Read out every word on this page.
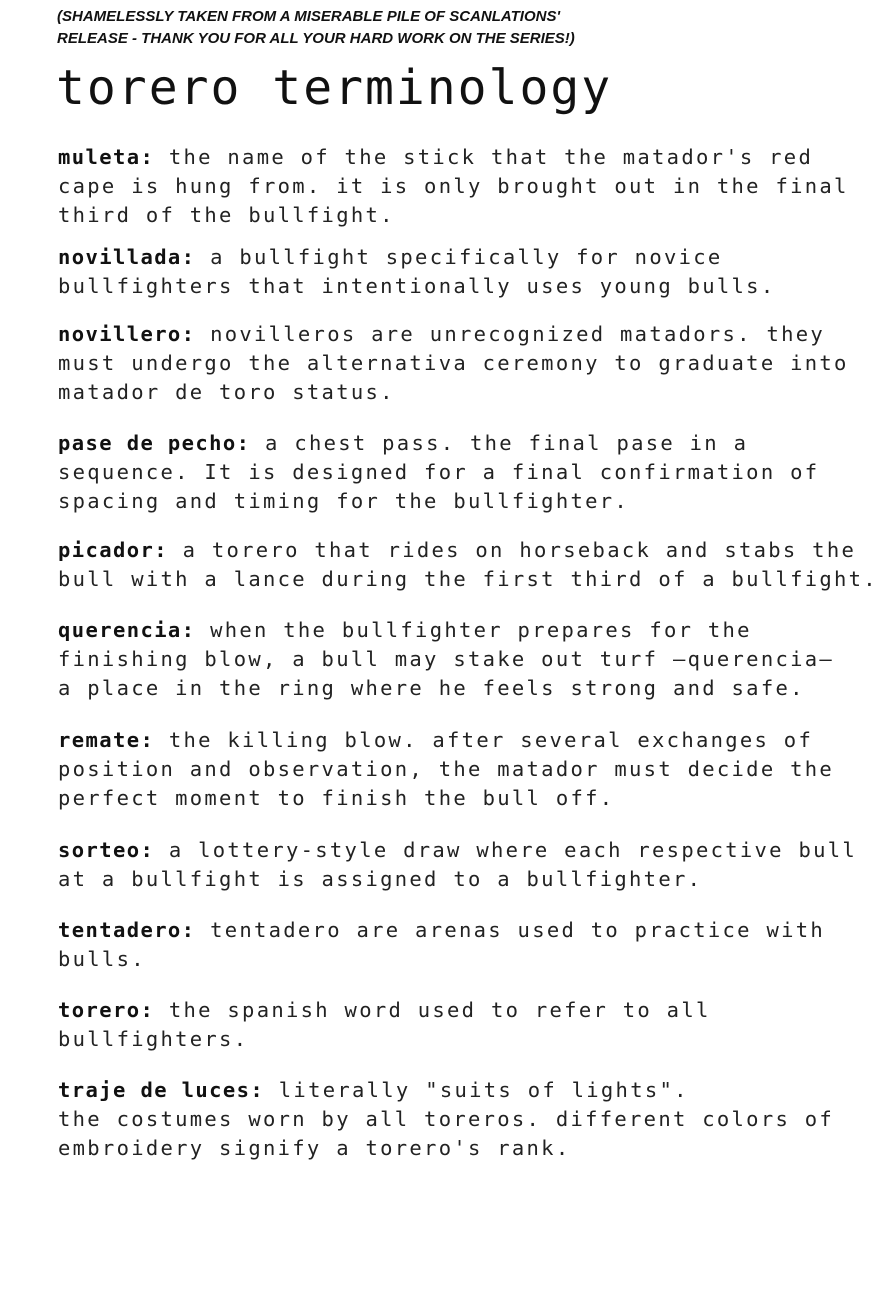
(SHAMELESSLY TAKEN FROM A MISERABLE PILE OF SCANLATIONS'
RELEASE - THANK YOU FOR ALL YOUR HARD WORK ON THE SERIES!)
torero terminology
muleta: the name of the stick that the matador's red
cape is hung from. it is only brought out in the final
third of the bullfight.
novillada: a bullfight specifically for novice
bullfighters that intentionally uses young bulls.
novillero: novilleros are unrecognized matadors. they
must undergo the alternativa ceremony to graduate into
matador de toro status.
pase de pecho: a chest pass. the final pase in a
sequence. It is designed for a final confirmation of
spacing and timing for the bullfighter.
picador: a torero that rides on horseback and stabs the
bull with a lance during the first third of a bullfight.
querencia: when the bullfighter prepares for the
finishing blow, a bull may stake out turf —querencia—
a place in the ring where he feels strong and safe.
remate: the killing blow. after several exchanges of
position and observation, the matador must decide the
perfect moment to finish the bull off.
sorteo: a lottery-style draw where each respective bull
at a bullfight is assigned to a bullfighter.
tentadero: tentadero are arenas used to practice with
bulls.
torero: the spanish word used to refer to all
bullfighters.
traje de luces: literally "suits of lights".
the costumes worn by all toreros. different colors of
embroidery signify a torero's rank.
